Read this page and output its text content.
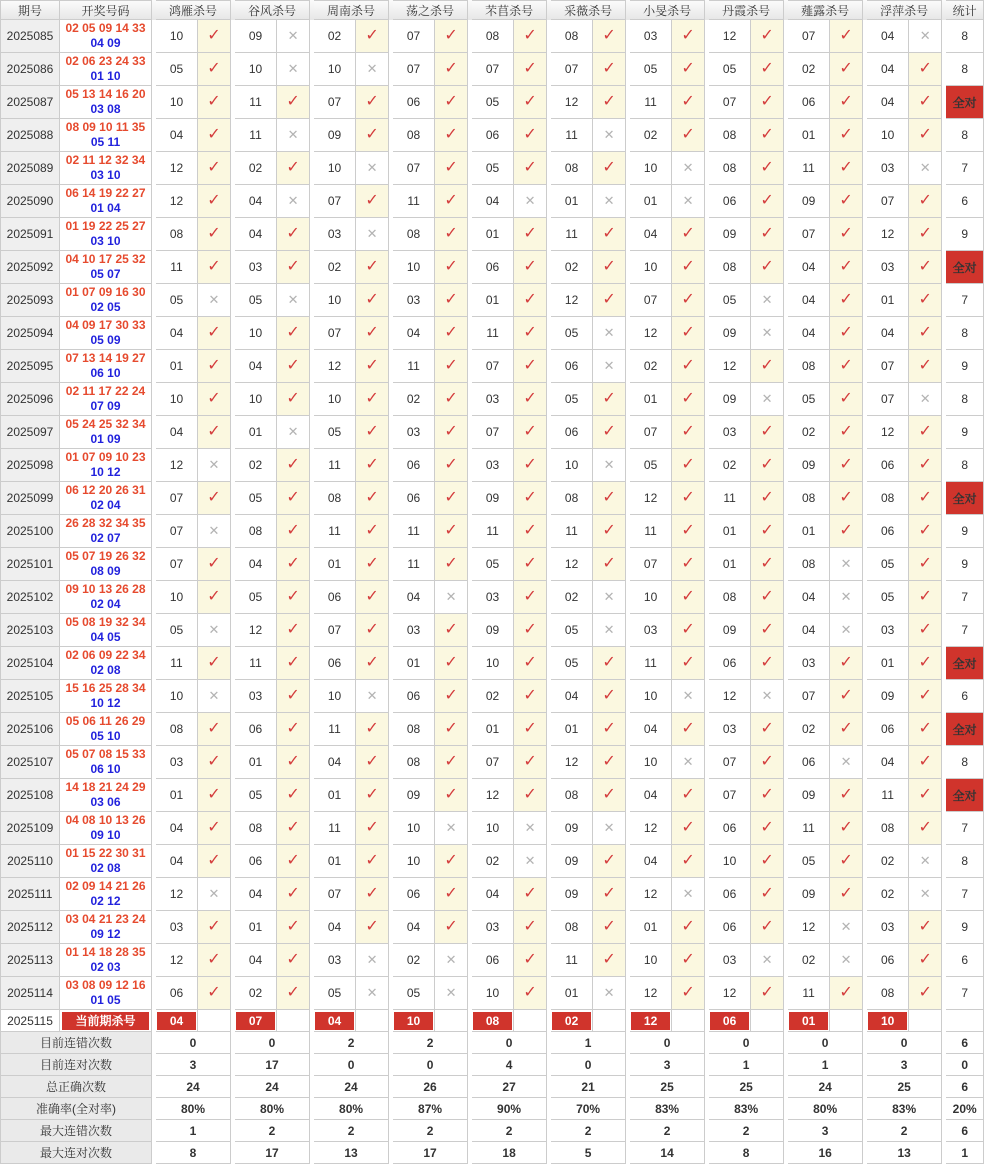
期号	开奖号码		鸿雁杀号			谷风杀号			周南杀号			荡之杀号			芣苢杀号			采薇杀号			小旻杀号			丹霞杀号			薤露杀号			浮萍杀号			统计
2025085	02 05 09 14 33
04 09		10	✓		09	✕		02	✓		07	✓		08	✓		08	✓		03	✓		12	✓		07	✓		04	✕		8
2025086	02 06 23 24 33
01 10		05	✓		10	✕		10	✕		07	✓		07	✓		07	✓		05	✓		05	✓		02	✓		04	✓		8
2025087	05 13 14 16 20
03 08		10	✓		11	✓		07	✓		06	✓		05	✓		12	✓		11	✓		07	✓		06	✓		04	✓		全对
2025088	08 09 10 11 35
05 11		04	✓		11	✕		09	✓		08	✓		06	✓		11	✕		02	✓		08	✓		01	✓		10	✓		8
2025089	02 11 12 32 34
03 10		12	✓		02	✓		10	✕		07	✓		05	✓		08	✓		10	✕		08	✓		11	✓		03	✕		7
2025090	06 14 19 22 27
01 04		12	✓		04	✕		07	✓		11	✓		04	✕		01	✕		01	✕		06	✓		09	✓		07	✓		6
2025091	01 19 22 25 27
03 10		08	✓		04	✓		03	✕		08	✓		01	✓		11	✓		04	✓		09	✓		07	✓		12	✓		9
2025092	04 10 17 25 32
05 07		11	✓		03	✓		02	✓		10	✓		06	✓		02	✓		10	✓		08	✓		04	✓		03	✓		全对
2025093	01 07 09 16 30
02 05		05	✕		05	✕		10	✓		03	✓		01	✓		12	✓		07	✓		05	✕		04	✓		01	✓		7
2025094	04 09 17 30 33
05 09		04	✓		10	✓		07	✓		04	✓		11	✓		05	✕		12	✓		09	✕		04	✓		04	✓		8
2025095	07 13 14 19 27
06 10		01	✓		04	✓		12	✓		11	✓		07	✓		06	✕		02	✓		12	✓		08	✓		07	✓		9
2025096	02 11 17 22 24
07 09		10	✓		10	✓		10	✓		02	✓		03	✓		05	✓		01	✓		09	✕		05	✓		07	✕		8
2025097	05 24 25 32 34
01 09		04	✓		01	✕		05	✓		03	✓		07	✓		06	✓		07	✓		03	✓		02	✓		12	✓		9
2025098	01 07 09 10 23
10 12		12	✕		02	✓		11	✓		06	✓		03	✓		10	✕		05	✓		02	✓		09	✓		06	✓		8
2025099	06 12 20 26 31
02 04		07	✓		05	✓		08	✓		06	✓		09	✓		08	✓		12	✓		11	✓		08	✓		08	✓		全对
2025100	26 28 32 34 35
02 07		07	✕		08	✓		11	✓		11	✓		11	✓		11	✓		11	✓		01	✓		01	✓		06	✓		9
2025101	05 07 19 26 32
08 09		07	✓		04	✓		01	✓		11	✓		05	✓		12	✓		07	✓		01	✓		08	✕		05	✓		9
2025102	09 10 13 26 28
02 04		10	✓		05	✓		06	✓		04	✕		03	✓		02	✕		10	✓		08	✓		04	✕		05	✓		7
2025103	05 08 19 32 34
04 05		05	✕		12	✓		07	✓		03	✓		09	✓		05	✕		03	✓		09	✓		04	✕		03	✓		7
2025104	02 06 09 22 34
02 08		11	✓		11	✓		06	✓		01	✓		10	✓		05	✓		11	✓		06	✓		03	✓		01	✓		全对
2025105	15 16 25 28 34
10 12		10	✕		03	✓		10	✕		06	✓		02	✓		04	✓		10	✕		12	✕		07	✓		09	✓		6
2025106	05 06 11 26 29
05 10		08	✓		06	✓		11	✓		08	✓		01	✓		01	✓		04	✓		03	✓		02	✓		06	✓		全对
2025107	05 07 08 15 33
06 10		03	✓		01	✓		04	✓		08	✓		07	✓		12	✓		10	✕		07	✓		06	✕		04	✓		8
2025108	14 18 21 24 29
03 06		01	✓		05	✓		01	✓		09	✓		12	✓		08	✓		04	✓		07	✓		09	✓		11	✓		全对
2025109	04 08 10 13 26
09 10		04	✓		08	✓		11	✓		10	✕		10	✕		09	✕		12	✓		06	✓		11	✓		08	✓		7
2025110	01 15 22 30 31
02 08		04	✓		06	✓		01	✓		10	✓		02	✕		09	✓		04	✓		10	✓		05	✓		02	✕		8
2025111	02 09 14 21 26
02 12		12	✕		04	✓		07	✓		06	✓		04	✓		09	✓		12	✕		06	✓		09	✓		02	✕		7
2025112	03 04 21 23 24
09 12		03	✓		01	✓		04	✓		04	✓		03	✓		08	✓		01	✓		06	✓		12	✕		03	✓		9
2025113	01 14 18 28 35
02 03		12	✓		04	✓		03	✕		02	✕		06	✓		11	✓		10	✓		03	✕		02	✕		06	✓		6
2025114	03 08 09 12 16
01 05		06	✓		02	✓		05	✕		05	✕		10	✓		01	✕		12	✓		12	✓		11	✓		08	✓		7
2025115	当前期杀号		04			07			04			10			08			02			12			06			01			10			

目前连错次数			0			0			2			2			0			1			0			0			0			0			6
目前连对次数			3			17			0			0			4			0			3			1			1			3			0
总正确次数			24			24			24			26			27			21			25			25			24			25			6
准确率(全对率)			80%			80%			80%			87%			90%			70%			83%			83%			80%			83%			20%
最大连错次数			1			2			2			2			2			2			2			2			3			2			6
最大连对次数			8			17			13			17			18			5			14			8			16			13			1
